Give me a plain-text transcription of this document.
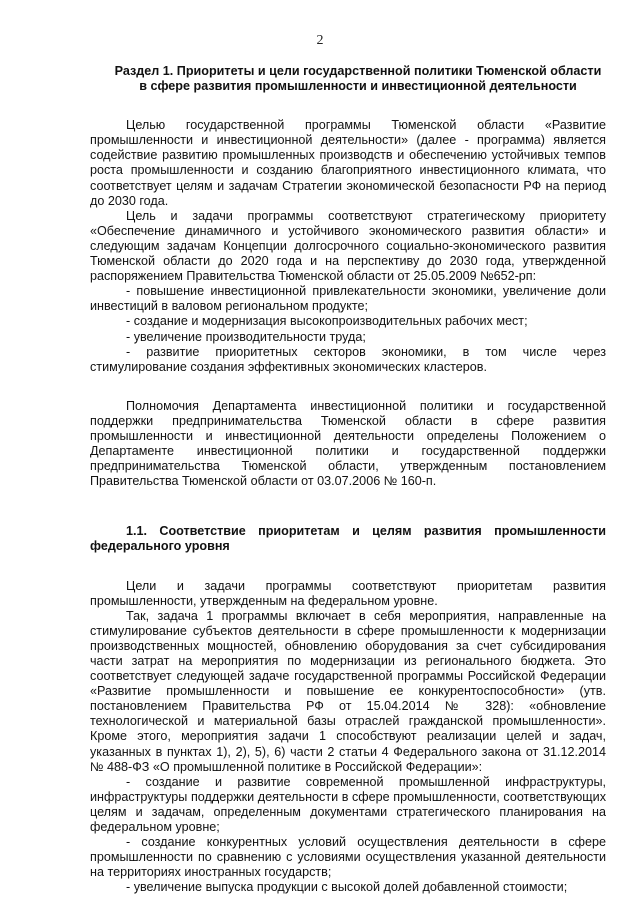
2

Раздел 1. Приоритеты и цели государственной политики Тюменской области в сфере развития промышленности и инвестиционной деятельности

Целью государственной программы Тюменской области «Развитие промышленности и инвестиционной деятельности» (далее - программа) является содействие развитию промышленных производств и обеспечению устойчивых темпов роста промышленности и созданию благоприятного инвестиционного климата, что соответствует целям и задачам Стратегии экономической безопасности РФ на период до 2030 года.

Цель и задачи программы соответствуют стратегическому приоритету «Обеспечение динамичного и устойчивого экономического развития области» и следующим задачам Концепции долгосрочного социально-экономического развития Тюменской области до 2020 года и на перспективу до 2030 года, утвержденной распоряжением Правительства Тюменской области от 25.05.2009 №652-рп:

- повышение инвестиционной привлекательности экономики, увеличение доли инвестиций в валовом региональном продукте;

- создание и модернизация высокопроизводительных рабочих мест;

- увеличение производительности труда;

- развитие приоритетных секторов экономики, в том числе через стимулирование создания эффективных экономических кластеров.

Полномочия Департамента инвестиционной политики и государственной поддержки предпринимательства Тюменской области в сфере развития промышленности и инвестиционной деятельности определены Положением о Департаменте инвестиционной политики и государственной поддержки предпринимательства Тюменской области, утвержденным постановлением Правительства Тюменской области от 03.07.2006 № 160-п.

1.1. Соответствие приоритетам и целям развития промышленности федерального уровня

Цели и задачи программы соответствуют приоритетам развития промышленности, утвержденным на федеральном уровне.

Так, задача 1 программы включает в себя мероприятия, направленные на стимулирование субъектов деятельности в сфере промышленности к модернизации производственных мощностей, обновлению оборудования за счет субсидирования части затрат на мероприятия по модернизации из регионального бюджета. Это соответствует следующей задаче государственной программы Российской Федерации «Развитие промышленности и повышение ее конкурентоспособности» (утв. постановлением Правительства РФ от 15.04.2014 № 328): «обновление технологической и материальной базы отраслей гражданской промышленности». Кроме этого, мероприятия задачи 1 способствуют реализации целей и задач, указанных в пунктах 1), 2), 5), 6) части 2 статьи 4 Федерального закона от 31.12.2014 № 488-ФЗ «О промышленной политике в Российской Федерации»:

- создание и развитие современной промышленной инфраструктуры, инфраструктуры поддержки деятельности в сфере промышленности, соответствующих целям и задачам, определенным документами стратегического планирования на федеральном уровне;

- создание конкурентных условий осуществления деятельности в сфере промышленности по сравнению с условиями осуществления указанной деятельности на территориях иностранных государств;

- увеличение выпуска продукции с высокой долей добавленной стоимости;
